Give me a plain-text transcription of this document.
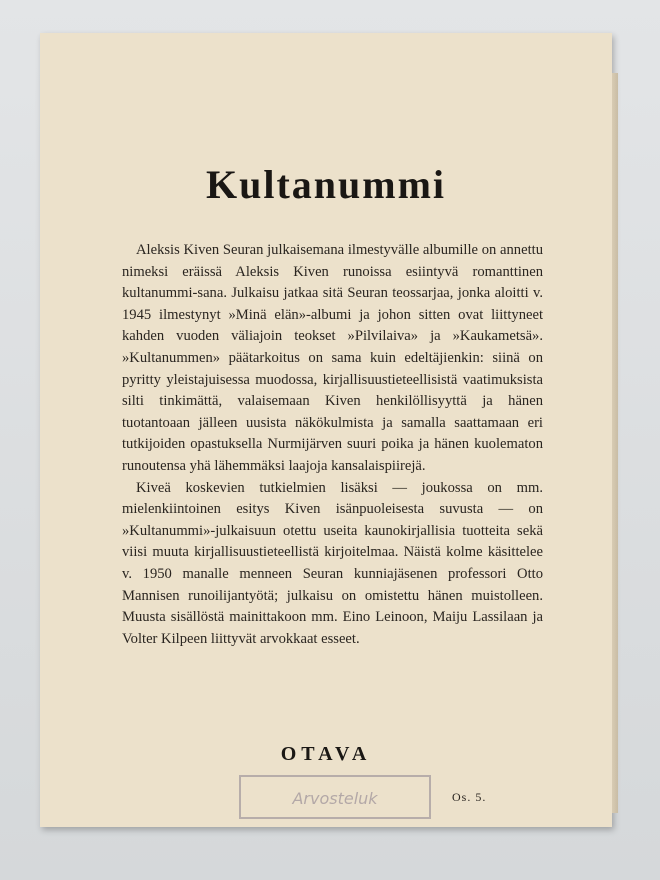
Kultanummi

Aleksis Kiven Seuran julkaisemana ilmestyvälle albumille on annettu nimeksi eräissä Aleksis Kiven runoissa esiintyvä romanttinen kultanummi-sana. Julkaisu jatkaa sitä Seuran teossarjaa, jonka aloitti v. 1945 ilmestynyt »Minä elän»-albumi ja johon sitten ovat liittyneet kahden vuoden väliajoin teokset »Pilvilaiva» ja »Kaukametsä». »Kultanummen» päätarkoitus on sama kuin edeltäjienkin: siinä on pyritty yleistajuisessa muodossa, kirjallisuustieteellisistä vaatimuksista silti tinkimättä, valaisemaan Kiven henkilöllisyyttä ja hänen tuotantoaan jälleen uusista näkökulmista ja samalla saattamaan eri tutkijoiden opastuksella Nurmijärven suuri poika ja hänen kuolematon runoutensa yhä lähemmäksi laajoja kansalaispiirejä.

Kiveä koskevien tutkielmien lisäksi — joukossa on mm. mielenkiintoinen esitys Kiven isänpuoleisesta suvusta — on »Kultanummi»-julkaisuun otettu useita kaunokirjallisia tuotteita sekä viisi muuta kirjallisuustieteellistä kirjoitelmaa. Näistä kolme käsittelee v. 1950 manalle menneen Seuran kunniajäsenen professori Otto Mannisen runoilijantyötä; julkaisu on omistettu hänen muistolleen. Muusta sisällöstä mainittakoon mm. Eino Leinoon, Maiju Lassilaan ja Volter Kilpeen liittyvät arvokkaat esseet.

OTAVA
Arvosteluk	Os. 5.
